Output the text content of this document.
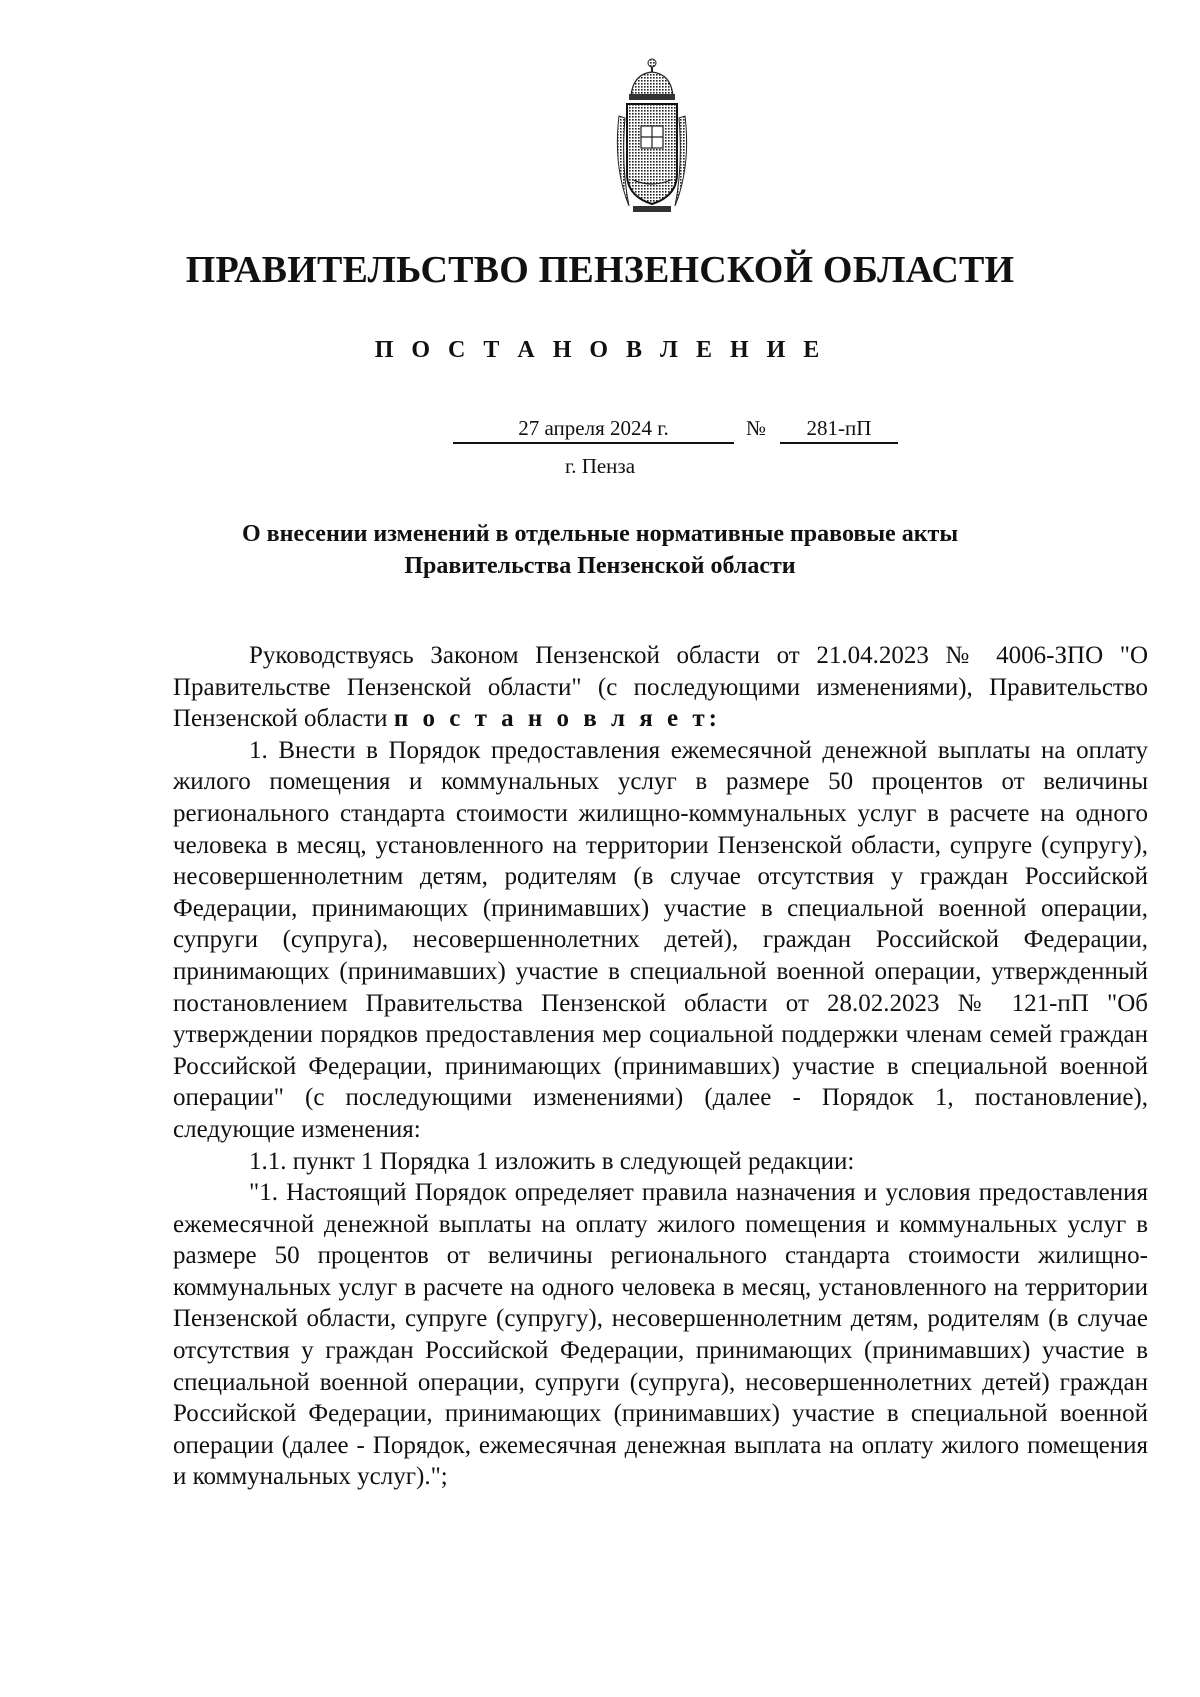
ПРАВИТЕЛЬСТВО ПЕНЗЕНСКОЙ ОБЛАСТИ
П О С Т А Н О В Л Е Н И Е
27 апреля 2024 г.	№	281-пП
г. Пенза
О внесении изменений в отдельные нормативные правовые акты
Правительства Пензенской области

Руководствуясь Законом Пензенской области от 21.04.2023 № 4006-ЗПО "О Правительстве Пензенской области" (с последующими изменениями), Правительство Пензенской области п о с т а н о в л я е т:

1. Внести в Порядок предоставления ежемесячной денежной выплаты на оплату жилого помещения и коммунальных услуг в размере 50 процентов от величины регионального стандарта стоимости жилищно-коммунальных услуг в расчете на одного человека в месяц, установленного на территории Пензенской области, супруге (супругу), несовершеннолетним детям, родителям (в случае отсутствия у граждан Российской Федерации, принимающих (принимавших) участие в специальной военной операции, супруги (супруга), несовершеннолетних детей), граждан Российской Федерации, принимающих (принимавших) участие в специальной военной операции, утвержденный постановлением Правительства Пензенской области от 28.02.2023 № 121-пП "Об утверждении порядков предоставления мер социальной поддержки членам семей граждан Российской Федерации, принимающих (принимавших) участие в специальной военной операции" (с последующими изменениями) (далее - Порядок 1, постановление), следующие изменения:

1.1. пункт 1 Порядка 1 изложить в следующей редакции:

"1. Настоящий Порядок определяет правила назначения и условия предоставления ежемесячной денежной выплаты на оплату жилого помещения и коммунальных услуг в размере 50 процентов от величины регионального стандарта стоимости жилищно-коммунальных услуг в расчете на одного человека в месяц, установленного на территории Пензенской области, супруге (супругу), несовершеннолетним детям, родителям (в случае отсутствия у граждан Российской Федерации, принимающих (принимавших) участие в специальной военной операции, супруги (супруга), несовершеннолетних детей) граждан Российской Федерации, принимающих (принимавших) участие в специальной военной операции (далее - Порядок, ежемесячная денежная выплата на оплату жилого помещения и коммунальных услуг).";
